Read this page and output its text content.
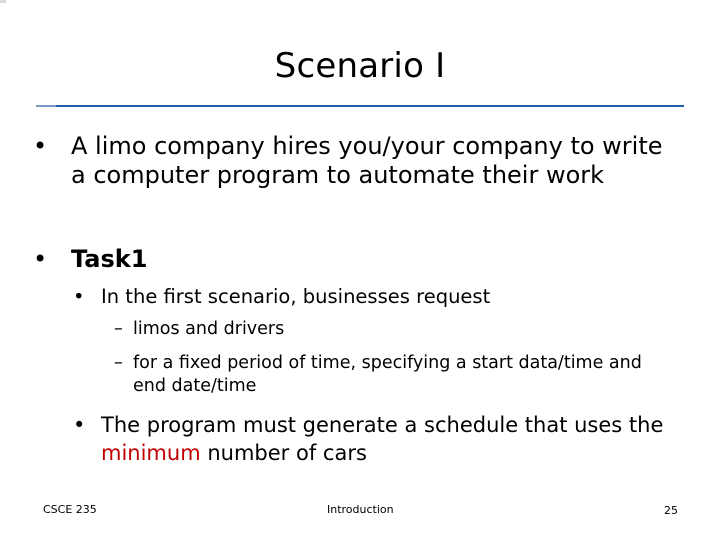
Scenario I
• A limo company hires you/your company to write a computer program to automate their work
• Task1
• In the first scenario, businesses request
– limos and drivers
– for a fixed period of time, specifying a start data/time and end date/time
• The program must generate a schedule that uses the minimum number of cars
CSCE 235	Introduction	25
